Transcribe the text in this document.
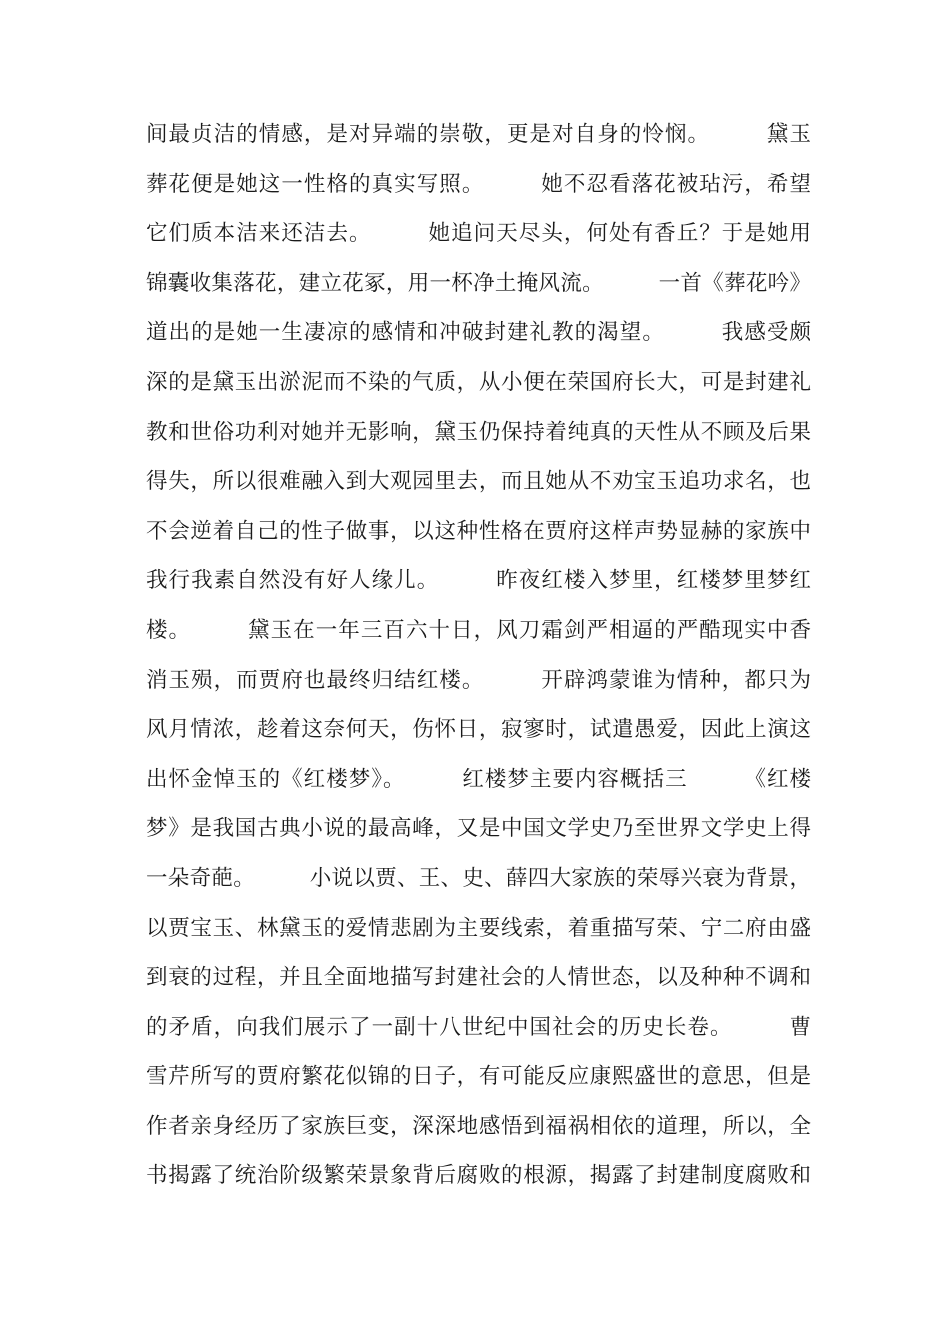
间最贞洁的情感，是对异端的崇敬，更是对自身的怜悯。　　　黛玉
葬花便是她这一性格的真实写照。　　　她不忍看落花被玷污，希望
它们质本洁来还洁去。　　　她追问天尽头，何处有香丘？于是她用
锦囊收集落花，建立花冢，用一杯净土掩风流。　　　一首《葬花吟》
道出的是她一生凄凉的感情和冲破封建礼教的渴望。　　　我感受颇
深的是黛玉出淤泥而不染的气质，从小便在荣国府长大，可是封建礼
教和世俗功利对她并无影响，黛玉仍保持着纯真的天性从不顾及后果
得失，所以很难融入到大观园里去，而且她从不劝宝玉追功求名，也
不会逆着自己的性子做事，以这种性格在贾府这样声势显赫的家族中
我行我素自然没有好人缘儿。　　　昨夜红楼入梦里，红楼梦里梦红
楼。　　　黛玉在一年三百六十日，风刀霜剑严相逼的严酷现实中香
消玉殒，而贾府也最终归结红楼。　　　开辟鸿蒙谁为情种，都只为
风月情浓，趁着这奈何天，伤怀日，寂寥时，试遣愚爱，因此上演这
出怀金悼玉的《红楼梦》。　　　红楼梦主要内容概括三　　　《红楼
梦》是我国古典小说的最高峰，又是中国文学史乃至世界文学史上得
一朵奇葩。　　　小说以贾、王、史、薛四大家族的荣辱兴衰为背景，
以贾宝玉、林黛玉的爱情悲剧为主要线索，着重描写荣、宁二府由盛
到衰的过程，并且全面地描写封建社会的人情世态，以及种种不调和
的矛盾，向我们展示了一副十八世纪中国社会的历史长卷。　　　曹
雪芹所写的贾府繁花似锦的日子，有可能反应康熙盛世的意思，但是
作者亲身经历了家族巨变，深深地感悟到福祸相依的道理，所以，全
书揭露了统治阶级繁荣景象背后腐败的根源，揭露了封建制度腐败和
